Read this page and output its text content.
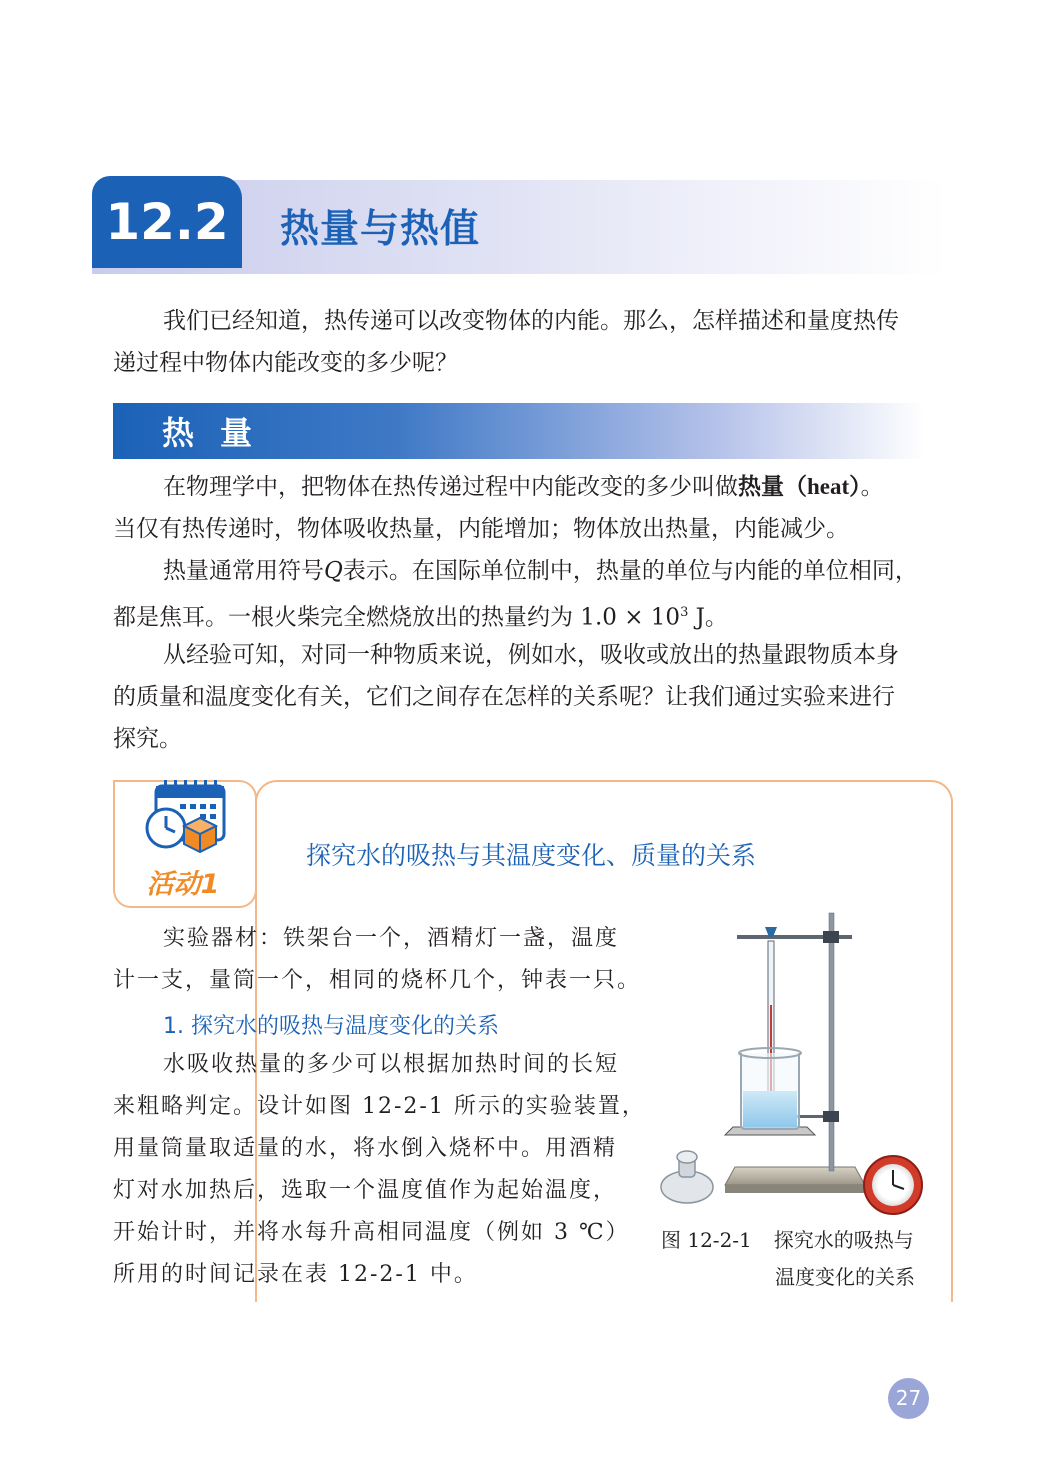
12.2	热量与热值
我们已经知道，热传递可以改变物体的内能。那么，怎样描述和量度热传
递过程中物体内能改变的多少呢？
热量
在物理学中，把物体在热传递过程中内能改变的多少叫做热量（heat）。
当仅有热传递时，物体吸收热量，内能增加；物体放出热量，内能减少。
热量通常用符号Q表示。在国际单位制中，热量的单位与内能的单位相同，
都是焦耳。一根火柴完全燃烧放出的热量约为 $1.0 \times 10^3$ J。
从经验可知，对同一种物质来说，例如水，吸收或放出的热量跟物质本身
的质量和温度变化有关，它们之间存在怎样的关系呢？让我们通过实验来进行
探究。
活动1
探究水的吸热与其温度变化、质量的关系
实验器材：铁架台一个，酒精灯一盏，温度
计一支，量筒一个，相同的烧杯几个，钟表一只。
1. 探究水的吸热与温度变化的关系
水吸收热量的多少可以根据加热时间的长短
来粗略判定。设计如图 12-2-1 所示的实验装置，
用量筒量取适量的水，将水倒入烧杯中。用酒精
灯对水加热后，选取一个温度值作为起始温度，
开始计时，并将水每升高相同温度（例如 3 ℃）
所用的时间记录在表 12-2-1 中。
图 12-2-1 探究水的吸热与
温度变化的关系
27
